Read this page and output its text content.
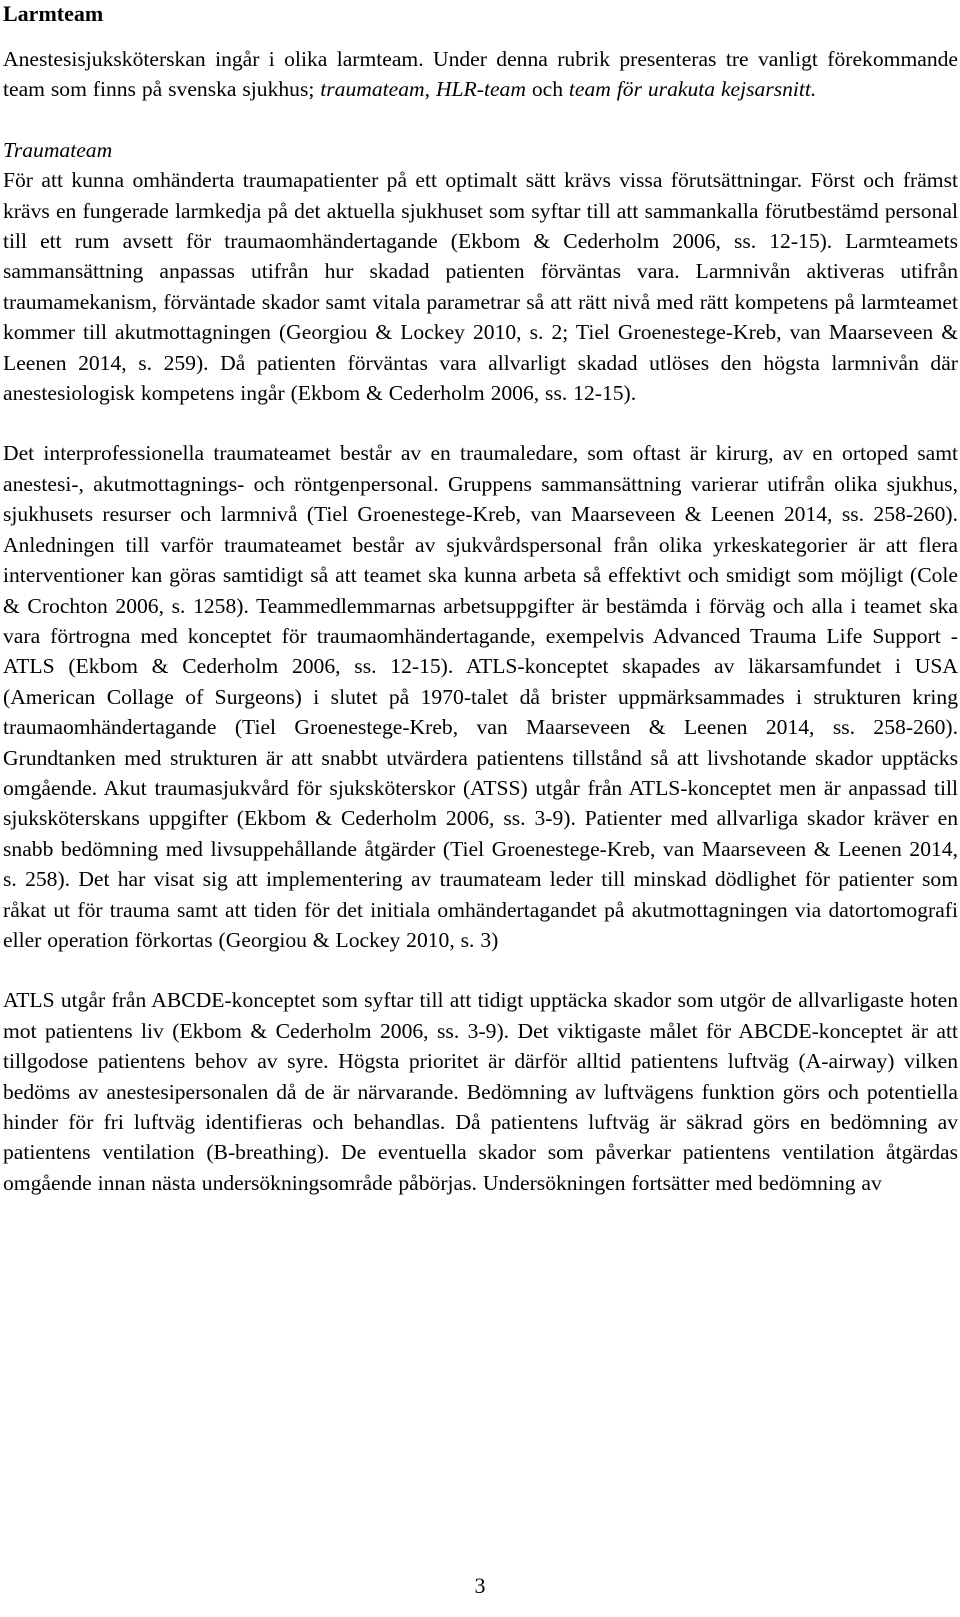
Larmteam

Anestesisjuksköterskan ingår i olika larmteam. Under denna rubrik presenteras tre vanligt förekommande team som finns på svenska sjukhus; traumateam, HLR-team och team för urakuta kejsarsnitt.

Traumateam

För att kunna omhänderta traumapatienter på ett optimalt sätt krävs vissa förutsättningar. Först och främst krävs en fungerade larmkedja på det aktuella sjukhuset som syftar till att sammankalla förutbestämd personal till ett rum avsett för traumaomhändertagande (Ekbom & Cederholm 2006, ss. 12-15). Larmteamets sammansättning anpassas utifrån hur skadad patienten förväntas vara. Larmnivån aktiveras utifrån traumamekanism, förväntade skador samt vitala parametrar så att rätt nivå med rätt kompetens på larmteamet kommer till akutmottagningen (Georgiou & Lockey 2010, s. 2; Tiel Groenestege-Kreb, van Maarseveen & Leenen 2014, s. 259). Då patienten förväntas vara allvarligt skadad utlöses den högsta larmnivån där anestesiologisk kompetens ingår (Ekbom & Cederholm 2006, ss. 12-15).

Det interprofessionella traumateamet består av en traumaledare, som oftast är kirurg, av en ortoped samt anestesi-, akutmottagnings- och röntgenpersonal. Gruppens sammansättning varierar utifrån olika sjukhus, sjukhusets resurser och larmnivå (Tiel Groenestege-Kreb, van Maarseveen & Leenen 2014, ss. 258-260). Anledningen till varför traumateamet består av sjukvårdspersonal från olika yrkeskategorier är att flera interventioner kan göras samtidigt så att teamet ska kunna arbeta så effektivt och smidigt som möjligt (Cole & Crochton 2006, s. 1258). Teammedlemmarnas arbetsuppgifter är bestämda i förväg och alla i teamet ska vara förtrogna med konceptet för traumaomhändertagande, exempelvis Advanced Trauma Life Support - ATLS (Ekbom & Cederholm 2006, ss. 12-15). ATLS-konceptet skapades av läkarsamfundet i USA (American Collage of Surgeons) i slutet på 1970-talet då brister uppmärksammades i strukturen kring traumaomhändertagande (Tiel Groenestege-Kreb, van Maarseveen & Leenen 2014, ss. 258-260). Grundtanken med strukturen är att snabbt utvärdera patientens tillstånd så att livshotande skador upptäcks omgående. Akut traumasjukvård för sjuksköterskor (ATSS) utgår från ATLS-konceptet men är anpassad till sjuksköterskans uppgifter (Ekbom & Cederholm 2006, ss. 3-9). Patienter med allvarliga skador kräver en snabb bedömning med livsuppehållande åtgärder (Tiel Groenestege-Kreb, van Maarseveen & Leenen 2014, s. 258). Det har visat sig att implementering av traumateam leder till minskad dödlighet för patienter som råkat ut för trauma samt att tiden för det initiala omhändertagandet på akutmottagningen via datortomografi eller operation förkortas (Georgiou & Lockey 2010, s. 3)

ATLS utgår från ABCDE-konceptet som syftar till att tidigt upptäcka skador som utgör de allvarligaste hoten mot patientens liv (Ekbom & Cederholm 2006, ss. 3-9). Det viktigaste målet för ABCDE-konceptet är att tillgodose patientens behov av syre. Högsta prioritet är därför alltid patientens luftväg (A-airway) vilken bedöms av anestesipersonalen då de är närvarande. Bedömning av luftvägens funktion görs och potentiella hinder för fri luftväg identifieras och behandlas. Då patientens luftväg är säkrad görs en bedömning av patientens ventilation (B-breathing). De eventuella skador som påverkar patientens ventilation åtgärdas omgående innan nästa undersökningsområde påbörjas. Undersökningen fortsätter med bedömning av

3
